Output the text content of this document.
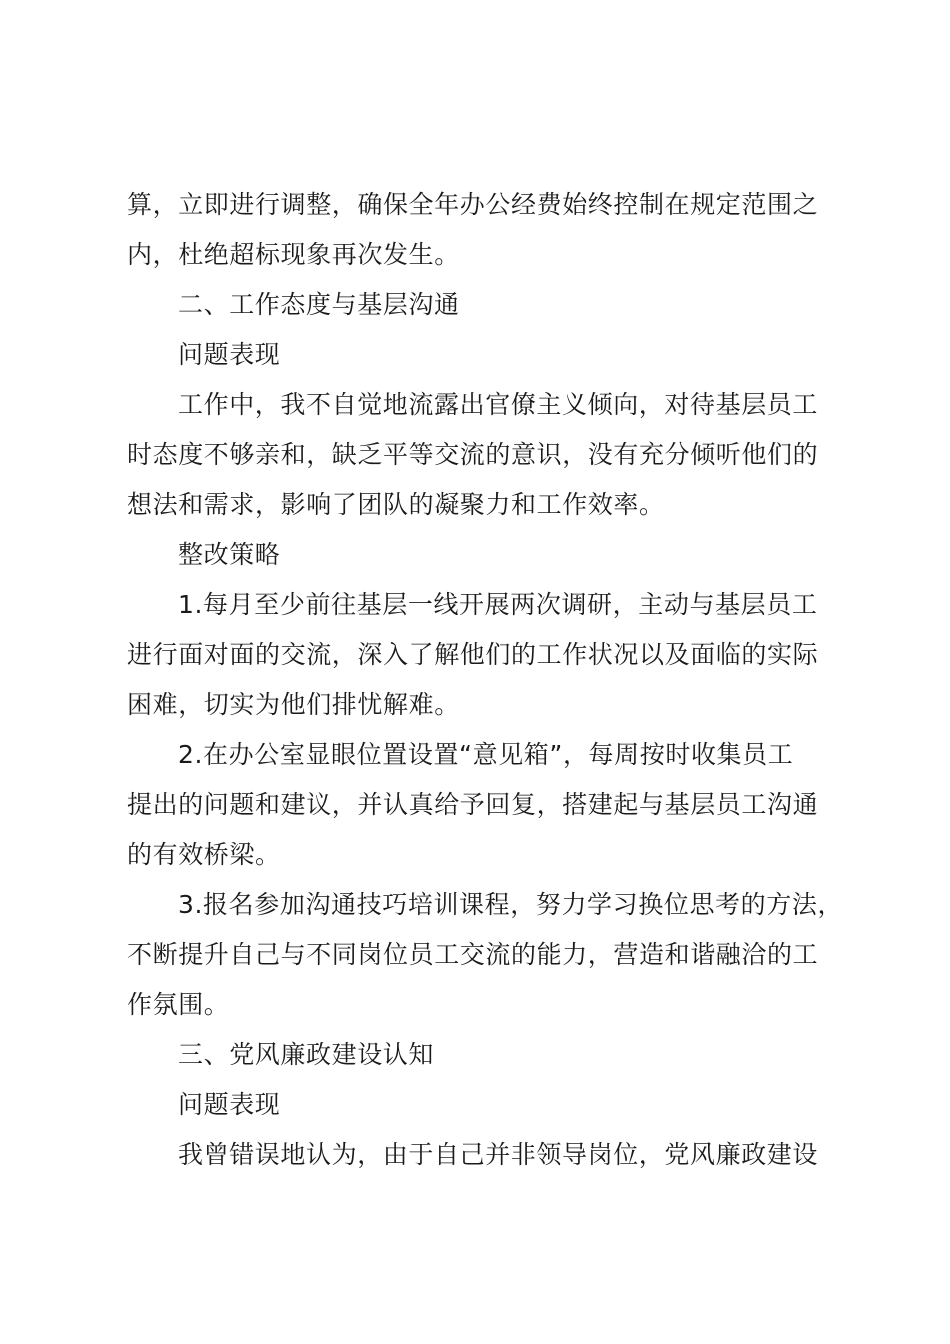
算，立即进行调整，确保全年办公经费始终控制在规定范围之
内，杜绝超标现象再次发生。
二、工作态度与基层沟通
问题表现
工作中，我不自觉地流露出官僚主义倾向，对待基层员工
时态度不够亲和，缺乏平等交流的意识，没有充分倾听他们的
想法和需求，影响了团队的凝聚力和工作效率。
整改策略
1.每月至少前往基层一线开展两次调研，主动与基层员工
进行面对面的交流，深入了解他们的工作状况以及面临的实际
困难，切实为他们排忧解难。
2.在办公室显眼位置设置“意见箱”，每周按时收集员工
提出的问题和建议，并认真给予回复，搭建起与基层员工沟通
的有效桥梁。
3.报名参加沟通技巧培训课程，努力学习换位思考的方法，
不断提升自己与不同岗位员工交流的能力，营造和谐融洽的工
作氛围。
三、党风廉政建设认知
问题表现
我曾错误地认为，由于自己并非领导岗位，党风廉政建设
